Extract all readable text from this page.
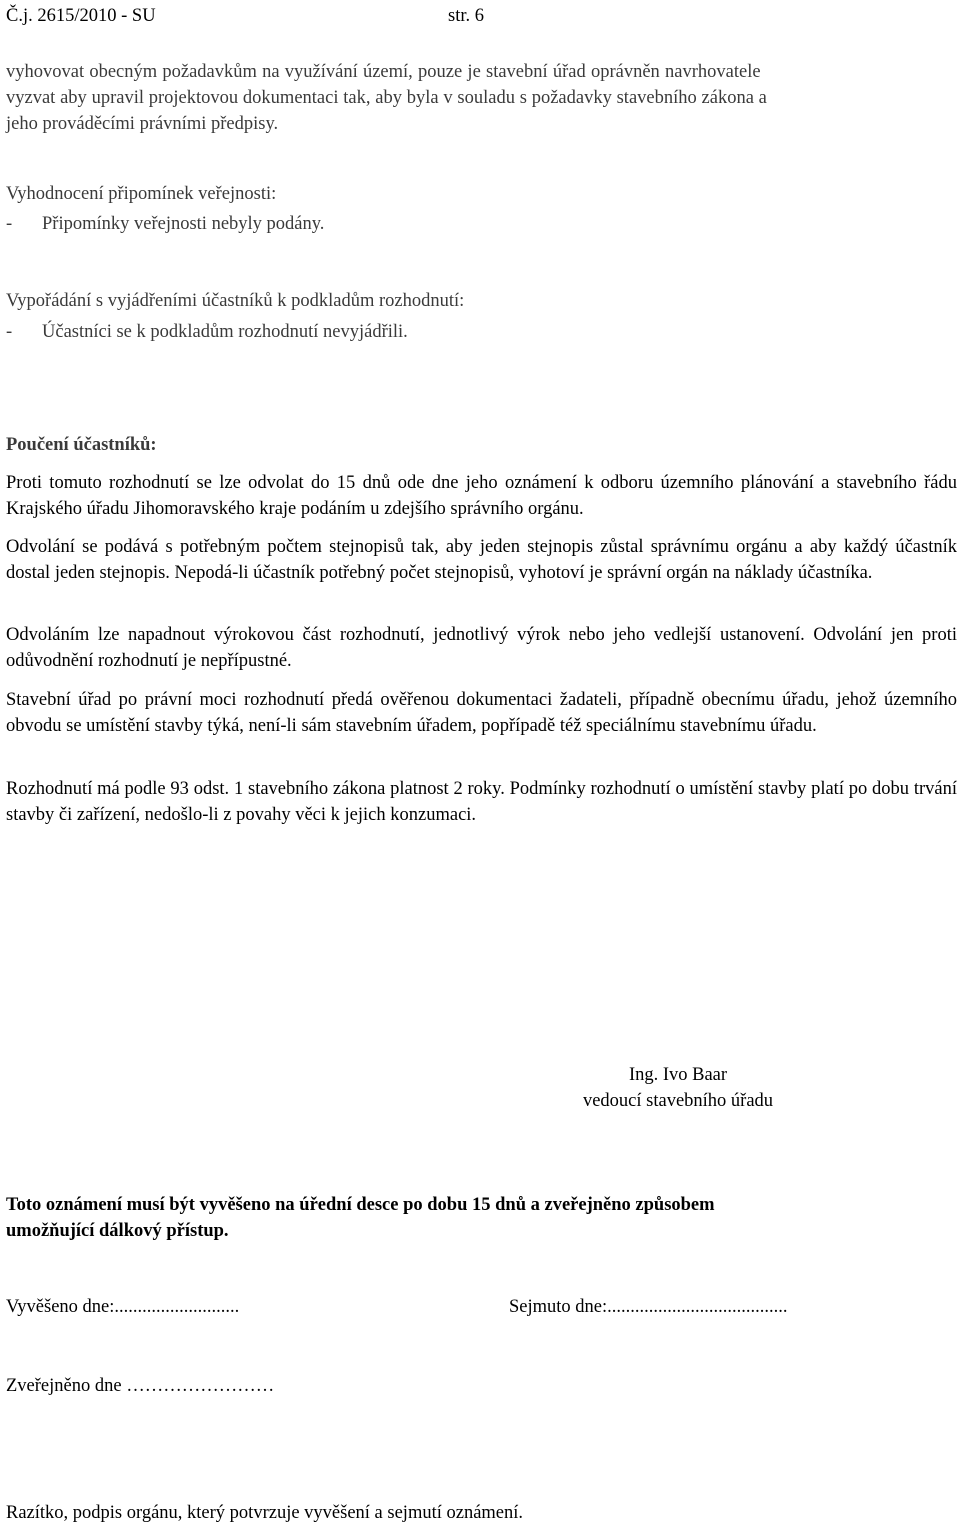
Č.j. 2615/2010 - SU	str. 6
vyhovovat obecným požadavkům na využívání území, pouze je stavební úřad oprávněn navrhovatele
vyzvat aby upravil projektovou dokumentaci tak, aby byla v souladu s požadavky stavebního zákona a
jeho prováděcími právními předpisy.
Vyhodnocení připomínek veřejnosti:
- Připomínky veřejnosti nebyly podány.
Vypořádání s vyjádřeními účastníků k podkladům rozhodnutí:
- Účastníci se k podkladům rozhodnutí nevyjádřili.
Poučení účastníků:

Proti tomuto rozhodnutí se lze odvolat do 15 dnů ode dne jeho oznámení k odboru územního plánování a stavebního řádu Krajského úřadu Jihomoravského kraje podáním u zdejšího správního orgánu.

Odvolání se podává s potřebným počtem stejnopisů tak, aby jeden stejnopis zůstal správnímu orgánu a aby každý účastník dostal jeden stejnopis. Nepodá-li účastník potřebný počet stejnopisů, vyhotoví je správní orgán na náklady účastníka.

Odvoláním lze napadnout výrokovou část rozhodnutí, jednotlivý výrok nebo jeho vedlejší ustanovení. Odvolání jen proti odůvodnění rozhodnutí je nepřípustné.

Stavební úřad po právní moci rozhodnutí předá ověřenou dokumentaci žadateli, případně obecnímu úřadu, jehož územního obvodu se umístění stavby týká, není-li sám stavebním úřadem, popřípadě též speciálnímu stavebnímu úřadu.

Rozhodnutí má podle 93 odst. 1 stavebního zákona platnost 2 roky. Podmínky rozhodnutí o umístění stavby platí po dobu trvání stavby či zařízení, nedošlo-li z povahy věci k jejich konzumaci.

Ing. Ivo Baar
vedoucí stavebního úřadu
Toto oznámení musí být vyvěšeno na úřední desce po dobu 15 dnů a zveřejněno způsobem
umožňující dálkový přístup.
Vyvěšeno dne:...........................	Sejmuto dne:.......................................
Zveřejněno dne ……………………
Razítko, podpis orgánu, který potvrzuje vyvěšení a sejmutí oznámení.
